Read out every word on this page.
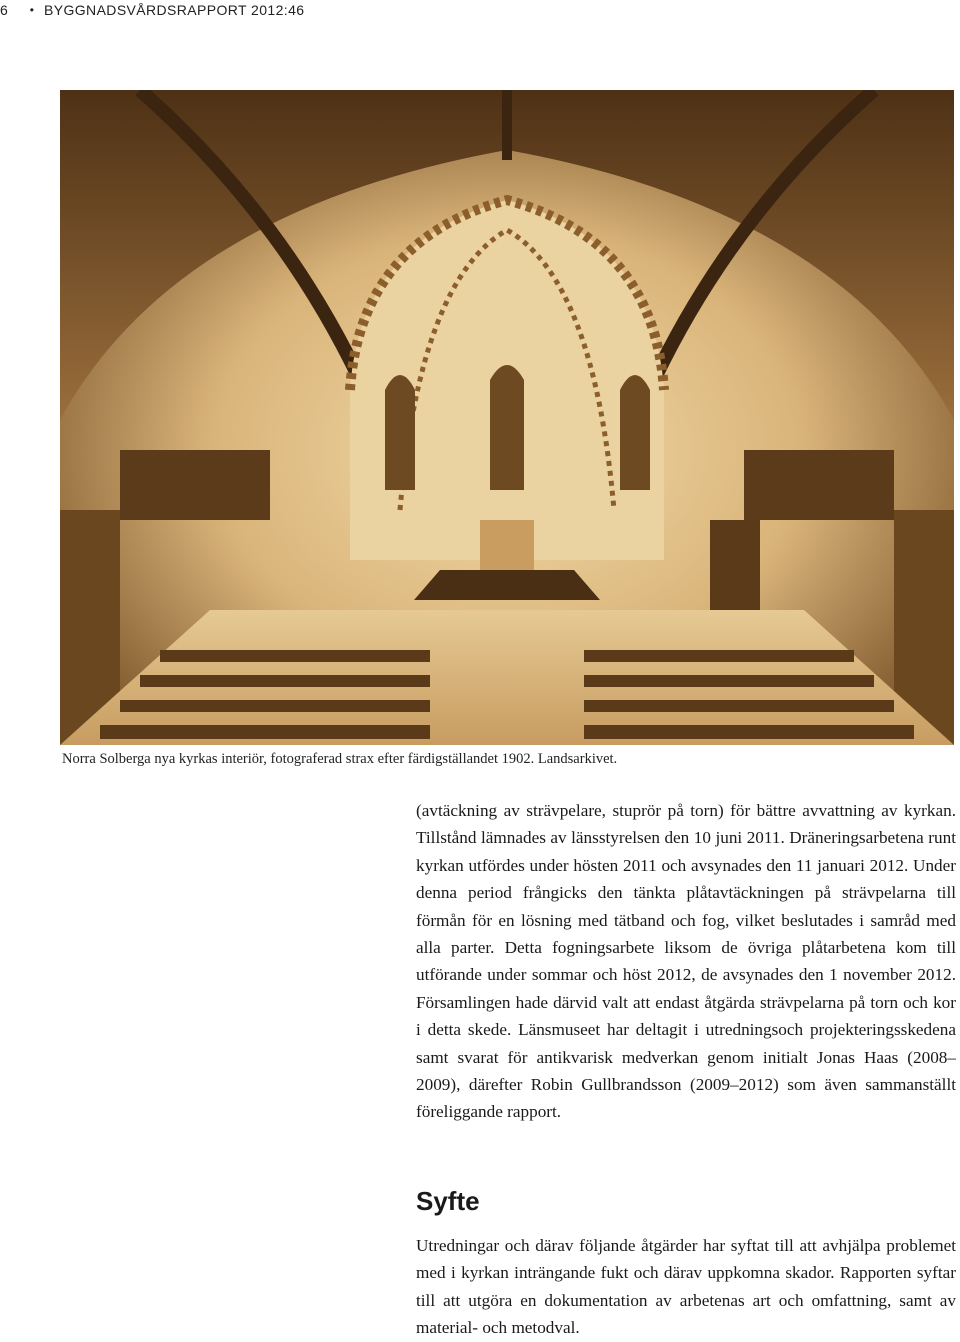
6 • BYGGNADSVÅRDSRAPPORT 2012:46
Norra Solberga nya kyrkas interiör, fotograferad strax efter färdigställandet 1902. Landsarkivet.

(avtäckning av strävpelare, stuprör på torn) för bättre avvattning av kyrkan. Tillstånd lämnades av länsstyrelsen den 10 juni 2011. Dräneringsarbetena runt kyrkan utfördes under hösten 2011 och avsynades den 11 januari 2012. Under denna period frångicks den tänkta plåtavtäckningen på strävpelarna till förmån för en lösning med tätband och fog, vilket beslutades i samråd med alla parter. Detta fogningsarbete liksom de övriga plåtarbetena kom till utförande under sommar och höst 2012, de avsynades den 1 november 2012. Församlingen hade därvid valt att endast åtgärda strävpelarna på torn och kor i detta skede. Länsmuseet har deltagit i utredningsoch projekteringsskedena samt svarat för antikvarisk medverkan genom initialt Jonas Haas (2008–2009), därefter Robin Gullbrandsson (2009–2012) som även sammanställt föreliggande rapport.

Syfte

Utredningar och därav följande åtgärder har syftat till att avhjälpa problemet med i kyrkan inträngande fukt och därav uppkomna skador. Rapporten syftar till att utgöra en dokumentation av arbetenas art och omfattning, samt av material- och metodval.
